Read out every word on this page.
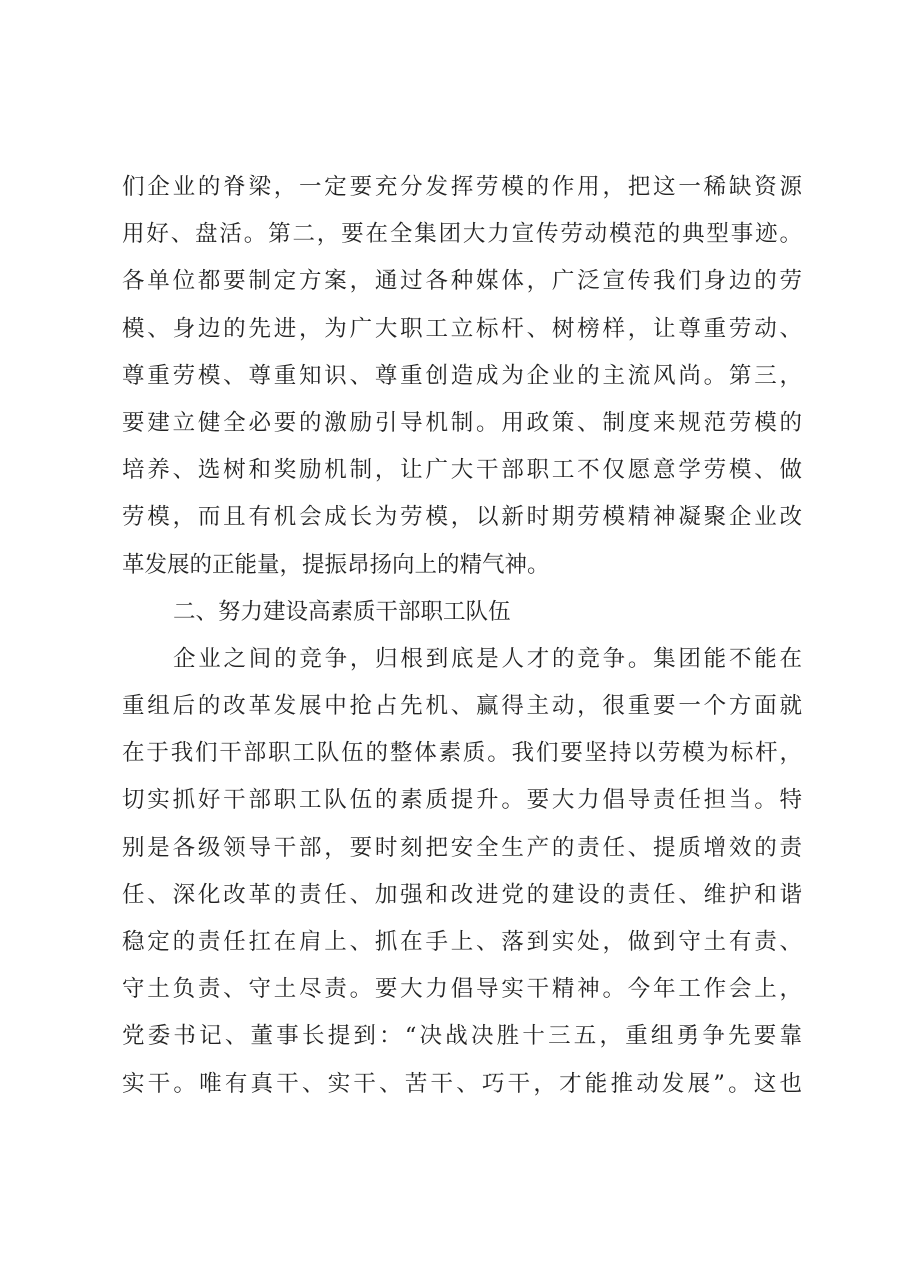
们企业的脊梁，一定要充分发挥劳模的作用，把这一稀缺资源
用好、盘活。第二，要在全集团大力宣传劳动模范的典型事迹。
各单位都要制定方案，通过各种媒体，广泛宣传我们身边的劳
模、身边的先进，为广大职工立标杆、树榜样，让尊重劳动、
尊重劳模、尊重知识、尊重创造成为企业的主流风尚。第三，
要建立健全必要的激励引导机制。用政策、制度来规范劳模的
培养、选树和奖励机制，让广大干部职工不仅愿意学劳模、做
劳模，而且有机会成长为劳模，以新时期劳模精神凝聚企业改
革发展的正能量，提振昂扬向上的精气神。
二、努力建设高素质干部职工队伍
企业之间的竞争，归根到底是人才的竞争。集团能不能在
重组后的改革发展中抢占先机、赢得主动，很重要一个方面就
在于我们干部职工队伍的整体素质。我们要坚持以劳模为标杆，
切实抓好干部职工队伍的素质提升。要大力倡导责任担当。特
别是各级领导干部，要时刻把安全生产的责任、提质增效的责
任、深化改革的责任、加强和改进党的建设的责任、维护和谐
稳定的责任扛在肩上、抓在手上、落到实处，做到守土有责、
守土负责、守土尽责。要大力倡导实干精神。今年工作会上，
党委书记、董事长提到：“决战决胜十三五，重组勇争先要靠
实干。唯有真干、实干、苦干、巧干，才能推动发展”。这也
